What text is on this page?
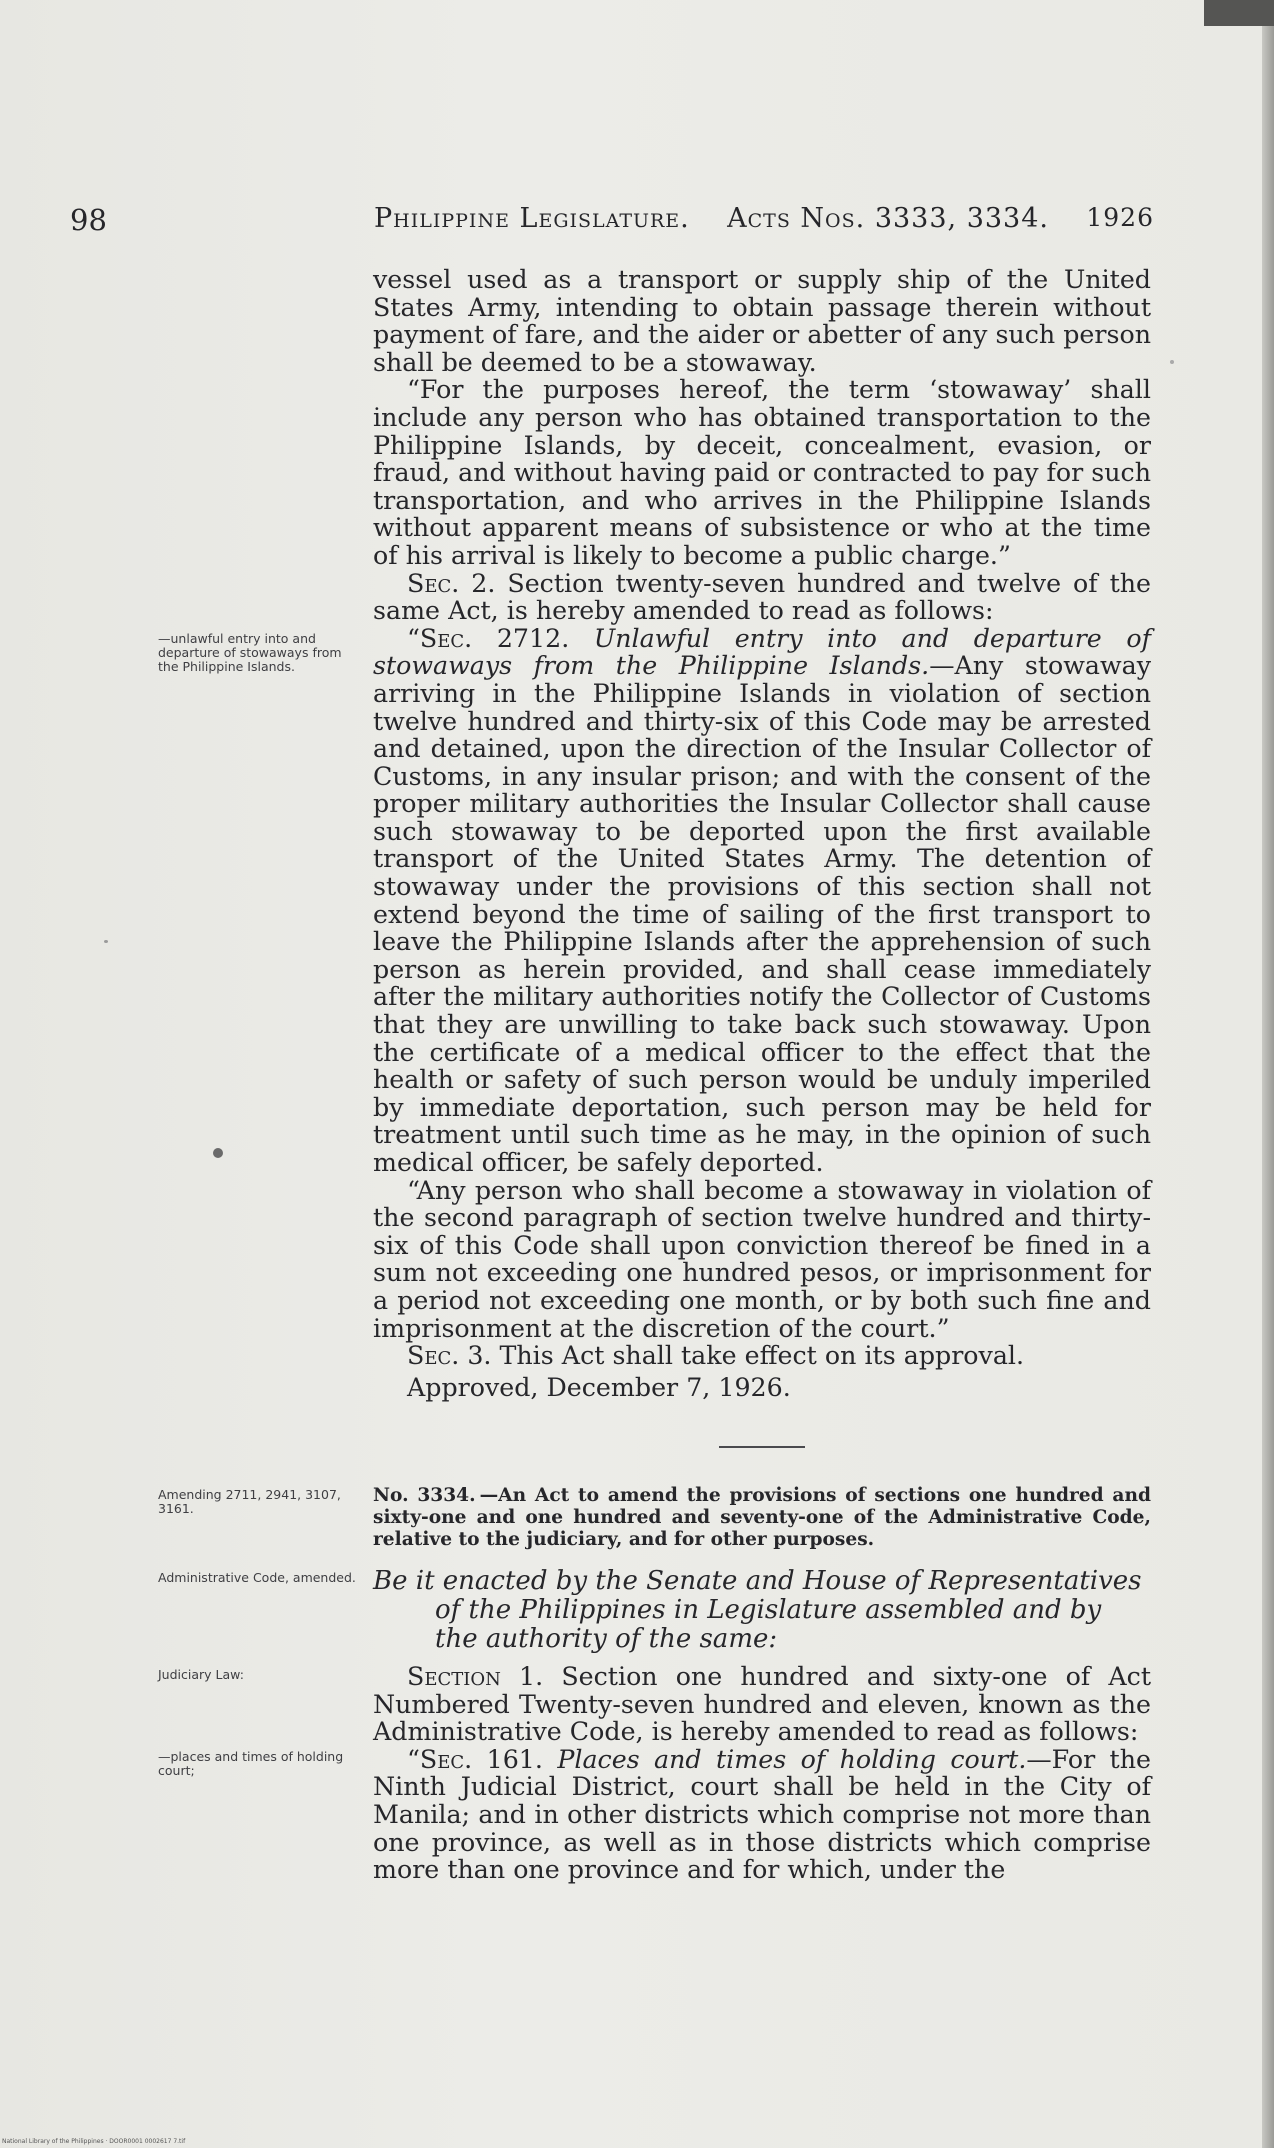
98	Philippine Legislature. Acts Nos. 3333, 3334. 1926

vessel used as a transport or supply ship of the United States Army, intending to obtain passage therein without payment of fare, and the aider or abetter of any such person shall be deemed to be a stowaway.

“For the purposes hereof, the term ‘stowaway’ shall include any person who has obtained transportation to the Philippine Islands, by deceit, concealment, evasion, or fraud, and without having paid or contracted to pay for such transportation, and who arrives in the Philippine Islands without apparent means of subsistence or who at the time of his arrival is likely to become a public charge.”

Sec. 2. Section twenty-seven hundred and twelve of the same Act, is hereby amended to read as follows:

“Sec. 2712. Unlawful entry into and departure of stowaways from the Philippine Islands.—Any stowaway arriving in the Philippine Islands in violation of section twelve hundred and thirty-six of this Code may be arrested and detained, upon the direction of the Insular Collector of Customs, in any insular prison; and with the consent of the proper military authorities the Insular Collector shall cause such stowaway to be deported upon the first available transport of the United States Army. The detention of stowaway under the provisions of this section shall not extend beyond the time of sailing of the first transport to leave the Philippine Islands after the apprehension of such person as herein provided, and shall cease immediately after the military authorities notify the Collector of Customs that they are unwilling to take back such stowaway. Upon the certificate of a medical officer to the effect that the health or safety of such person would be unduly imperiled by immediate deportation, such person may be held for treatment until such time as he may, in the opinion of such medical officer, be safely deported.

“Any person who shall become a stowaway in violation of the second paragraph of section twelve hundred and thirty-six of this Code shall upon conviction thereof be fined in a sum not exceeding one hundred pesos, or imprisonment for a period not exceeding one month, or by both such fine and imprisonment at the discretion of the court.”

Sec. 3. This Act shall take effect on its approval.

Approved, December 7, 1926.

—unlawful entry into and departure of stowaways from the Philippine Islands.
Amending 2711, 2941, 3107, 3161.
No. 3334. —An Act to amend the provisions of sections one hundred and sixty-one and one hundred and seventy-one of the Administrative Code, relative to the judiciary, and for other purposes.
Administrative Code, amended. Be it enacted by the Senate and House of Representatives
of the Philippines in Legislature assembled and by the authority of the same:
Judiciary Law:
—places and times of holding court;

Section 1. Section one hundred and sixty-one of Act Numbered Twenty-seven hundred and eleven, known as the Administrative Code, is hereby amended to read as follows:

“Sec. 161. Places and times of holding court.—For the Ninth Judicial District, court shall be held in the City of Manila; and in other districts which comprise not more than one province, as well as in those districts which comprise more than one province and for which, under the

National Library of the Philippines · DOOR0001 0002617 7.tif
